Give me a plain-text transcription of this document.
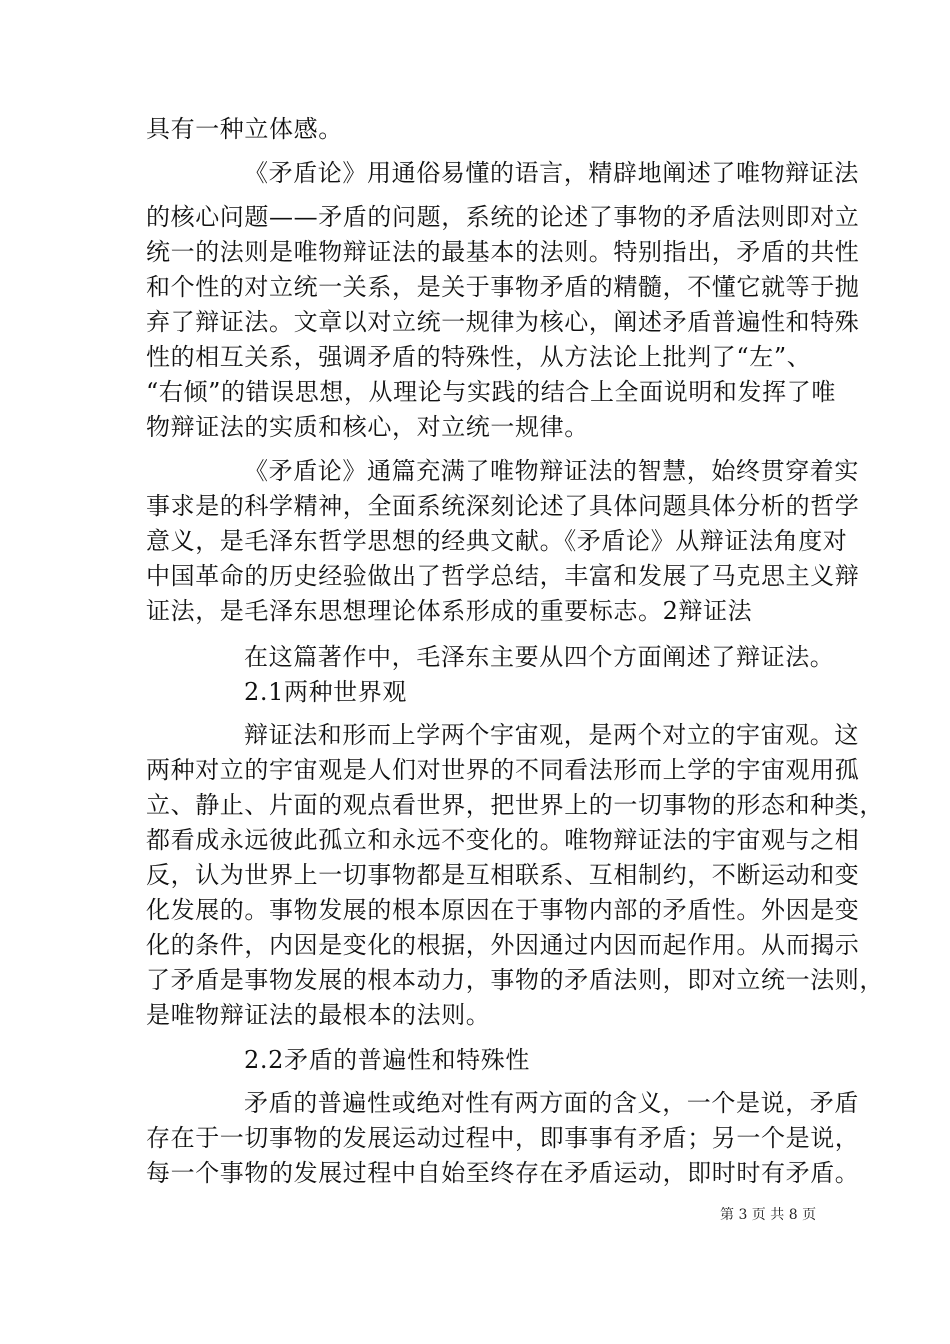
具有一种立体感。
《矛盾论》用通俗易懂的语言，精辟地阐述了唯物辩证法
的核心问题——矛盾的问题，系统的论述了事物的矛盾法则即对立
统一的法则是唯物辩证法的最基本的法则。特别指出，矛盾的共性
和个性的对立统一关系，是关于事物矛盾的精髓，不懂它就等于抛
弃了辩证法。文章以对立统一规律为核心，阐述矛盾普遍性和特殊
性的相互关系，强调矛盾的特殊性，从方法论上批判了“左”、
“右倾”的错误思想，从理论与实践的结合上全面说明和发挥了唯
物辩证法的实质和核心，对立统一规律。
《矛盾论》通篇充满了唯物辩证法的智慧，始终贯穿着实
事求是的科学精神，全面系统深刻论述了具体问题具体分析的哲学
意义，是毛泽东哲学思想的经典文献。《矛盾论》从辩证法角度对
中国革命的历史经验做出了哲学总结，丰富和发展了马克思主义辩
证法，是毛泽东思想理论体系形成的重要标志。2辩证法
在这篇著作中，毛泽东主要从四个方面阐述了辩证法。
2.1两种世界观
辩证法和形而上学两个宇宙观，是两个对立的宇宙观。这
两种对立的宇宙观是人们对世界的不同看法形而上学的宇宙观用孤
立、静止、片面的观点看世界，把世界上的一切事物的形态和种类，
都看成永远彼此孤立和永远不变化的。唯物辩证法的宇宙观与之相
反，认为世界上一切事物都是互相联系、互相制约，不断运动和变
化发展的。事物发展的根本原因在于事物内部的矛盾性。外因是变
化的条件，内因是变化的根据，外因通过内因而起作用。从而揭示
了矛盾是事物发展的根本动力，事物的矛盾法则，即对立统一法则，
是唯物辩证法的最根本的法则。
2.2矛盾的普遍性和特殊性
矛盾的普遍性或绝对性有两方面的含义，一个是说，矛盾
存在于一切事物的发展运动过程中，即事事有矛盾；另一个是说，
每一个事物的发展过程中自始至终存在矛盾运动，即时时有矛盾。
第 3 页 共 8 页
